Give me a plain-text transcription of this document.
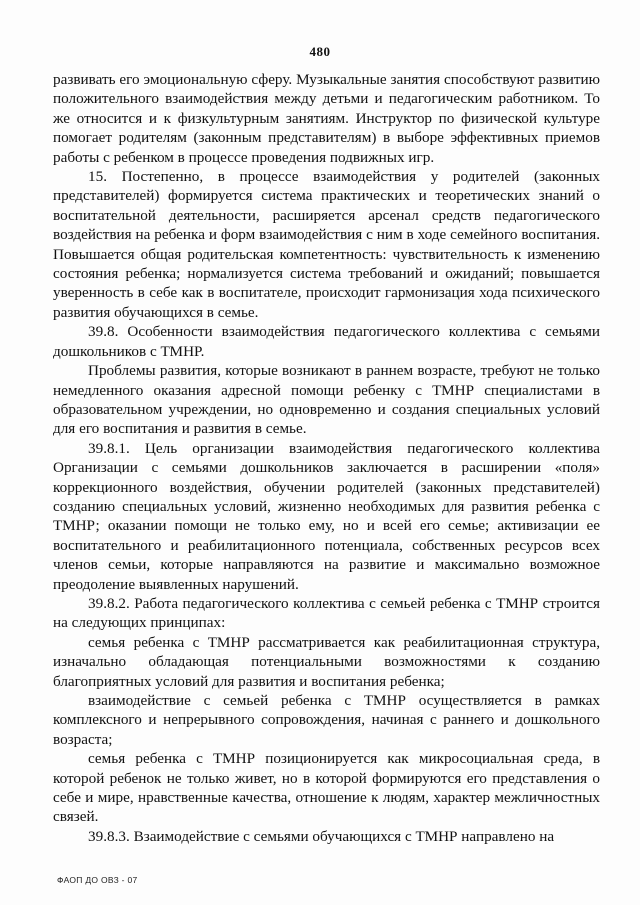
480

развивать его эмоциональную сферу. Музыкальные занятия способствуют развитию положительного взаимодействия между детьми и педагогическим работником. То же относится и к физкультурным занятиям. Инструктор по физической культуре помогает родителям (законным представителям) в выборе эффективных приемов работы с ребенком в процессе проведения подвижных игр.

15. Постепенно, в процессе взаимодействия у родителей (законных представителей) формируется система практических и теоретических знаний о воспитательной деятельности, расширяется арсенал средств педагогического воздействия на ребенка и форм взаимодействия с ним в ходе семейного воспитания. Повышается общая родительская компетентность: чувствительность к изменению состояния ребенка; нормализуется система требований и ожиданий; повышается уверенность в себе как в воспитателе, происходит гармонизация хода психического развития обучающихся в семье.

39.8. Особенности взаимодействия педагогического коллектива с семьями дошкольников с ТМНР.

Проблемы развития, которые возникают в раннем возрасте, требуют не только немедленного оказания адресной помощи ребенку с ТМНР специалистами в образовательном учреждении, но одновременно и создания специальных условий для его воспитания и развития в семье.

39.8.1. Цель организации взаимодействия педагогического коллектива Организации с семьями дошкольников заключается в расширении «поля» коррекционного воздействия, обучении родителей (законных представителей) созданию специальных условий, жизненно необходимых для развития ребенка с ТМНР; оказании помощи не только ему, но и всей его семье; активизации ее воспитательного и реабилитационного потенциала, собственных ресурсов всех членов семьи, которые направляются на развитие и максимально возможное преодоление выявленных нарушений.

39.8.2. Работа педагогического коллектива с семьей ребенка с ТМНР строится на следующих принципах:

семья ребенка с ТМНР рассматривается как реабилитационная структура, изначально обладающая потенциальными возможностями к созданию благоприятных условий для развития и воспитания ребенка;

взаимодействие с семьей ребенка с ТМНР осуществляется в рамках комплексного и непрерывного сопровождения, начиная с раннего и дошкольного возраста;

семья ребенка с ТМНР позиционируется как микросоциальная среда, в которой ребенок не только живет, но в которой формируются его представления о себе и мире, нравственные качества, отношение к людям, характер межличностных связей.

39.8.3. Взаимодействие с семьями обучающихся с ТМНР направлено на

ФАОП ДО ОВЗ - 07
